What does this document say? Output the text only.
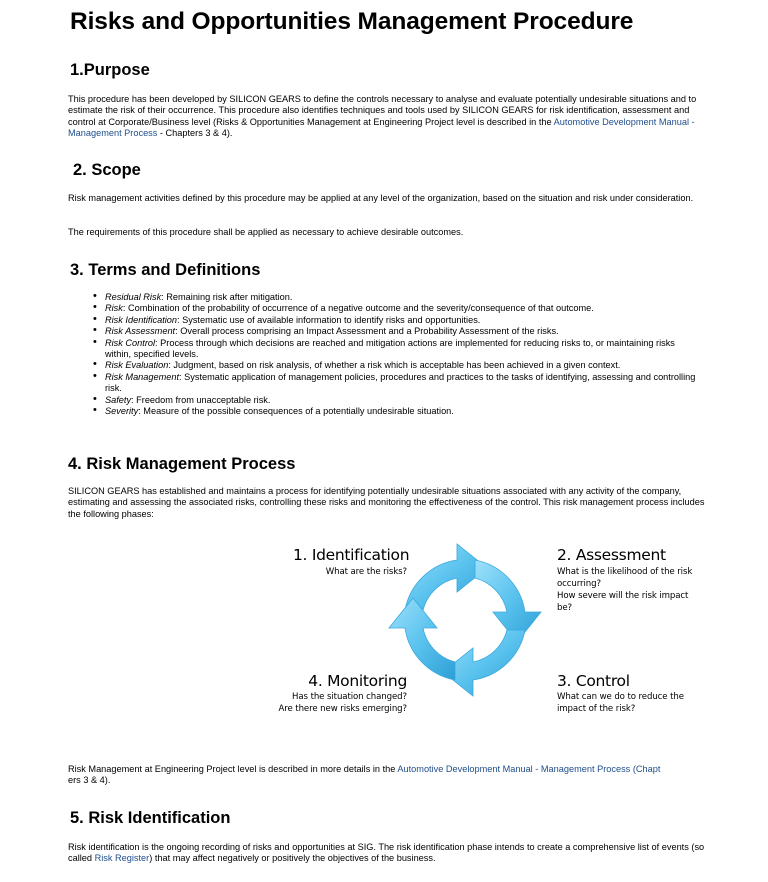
Risks and Opportunities Management Procedure
1.Purpose
This procedure has been developed by SILICON GEARS to define the controls necessary to analyse and evaluate potentially undesirable situations and to estimate the risk of their occurrence. This procedure also identifies techniques and tools used by SILICON GEARS for risk identification, assessment and control at Corporate/Business level (Risks & Opportunities Management at Engineering Project level is described in the Automotive Development Manual - Management Process - Chapters 3 & 4).
2. Scope
Risk management activities defined by this procedure may be applied at any level of the organization, based on the situation and risk under consideration.
The requirements of this procedure shall be applied as necessary to achieve desirable outcomes.
3. Terms and Definitions
• Residual Risk: Remaining risk after mitigation.
• Risk: Combination of the probability of occurrence of a negative outcome and the severity/consequence of that outcome.
• Risk Identification: Systematic use of available information to identify risks and opportunities.
• Risk Assessment: Overall process comprising an Impact Assessment and a Probability Assessment of the risks.
• Risk Control: Process through which decisions are reached and mitigation actions are implemented for reducing risks to, or maintaining risks within, specified levels.
• Risk Evaluation: Judgment, based on risk analysis, of whether a risk which is acceptable has been achieved in a given context.
• Risk Management: Systematic application of management policies, procedures and practices to the tasks of identifying, assessing and controlling risk.
• Safety: Freedom from unacceptable risk.
• Severity: Measure of the possible consequences of a potentially undesirable situation.
4. Risk Management Process
SILICON GEARS has established and maintains a process for identifying potentially undesirable situations associated with any activity of the company, estimating and assessing the associated risks, controlling these risks and monitoring the effectiveness of the control. This risk management process includes the following phases:
1. Identification
What are the risks?
2. Assessment
What is the likelihood of the risk
occurring?
How severe will the risk impact
be?
3. Control
What can we do to reduce the
impact of the risk?
4. Monitoring
Has the situation changed?
Are there new risks emerging?
Risk Management at Engineering Project level is described in more details in the Automotive Development Manual - Management Process (Chapt
ers 3 & 4).
5. Risk Identification
Risk identification is the ongoing recording of risks and opportunities at SIG. The risk identification phase intends to create a comprehensive list of events (so called Risk Register) that may affect negatively or positively the objectives of the business.
